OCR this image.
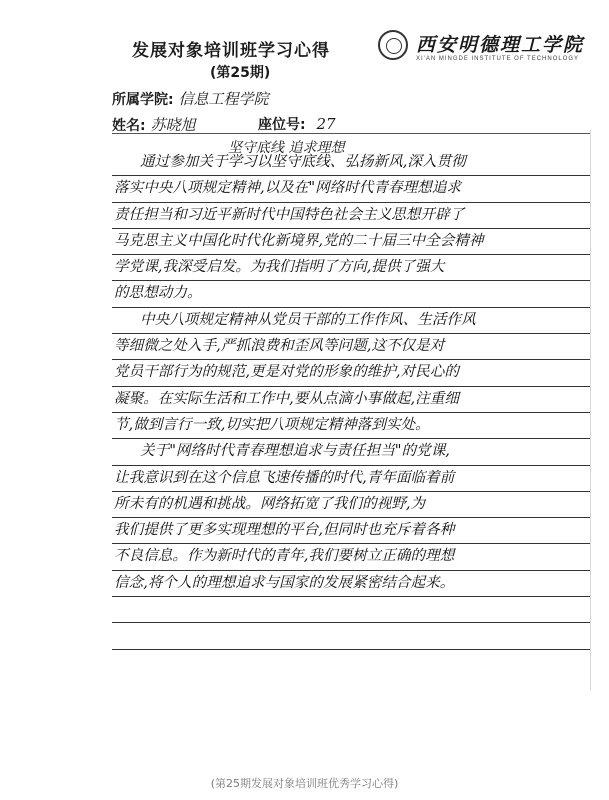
发展对象培训班学习心得
(第25期)
西安明德理工学院
XI'AN MINGDE INSTITUTE OF TECHNOLOGY
所属学院: 信息工程学院
姓名: 苏晓旭	座位号: 27
坚守底线 追求理想
通过参加关于学习以坚守底线、弘扬新风,深入贯彻
落实中央八项规定精神,以及在"网络时代青春理想追求
责任担当和习近平新时代中国特色社会主义思想开辟了
马克思主义中国化时代化新境界,党的二十届三中全会精神
学党课,我深受启发。为我们指明了方向,提供了强大
的思想动力。
中央八项规定精神从党员干部的工作作风、生活作风
等细微之处入手,严抓浪费和歪风等问题,这不仅是对
党员干部行为的规范,更是对党的形象的维护,对民心的
凝聚。在实际生活和工作中,要从点滴小事做起,注重细
节,做到言行一致,切实把八项规定精神落到实处。
关于"网络时代青春理想追求与责任担当"的党课,
让我意识到在这个信息飞速传播的时代,青年面临着前
所未有的机遇和挑战。网络拓宽了我们的视野,为
我们提供了更多实现理想的平台,但同时也充斥着各种
不良信息。作为新时代的青年,我们要树立正确的理想
信念,将个人的理想追求与国家的发展紧密结合起来。
(第25期发展对象培训班优秀学习心得)
